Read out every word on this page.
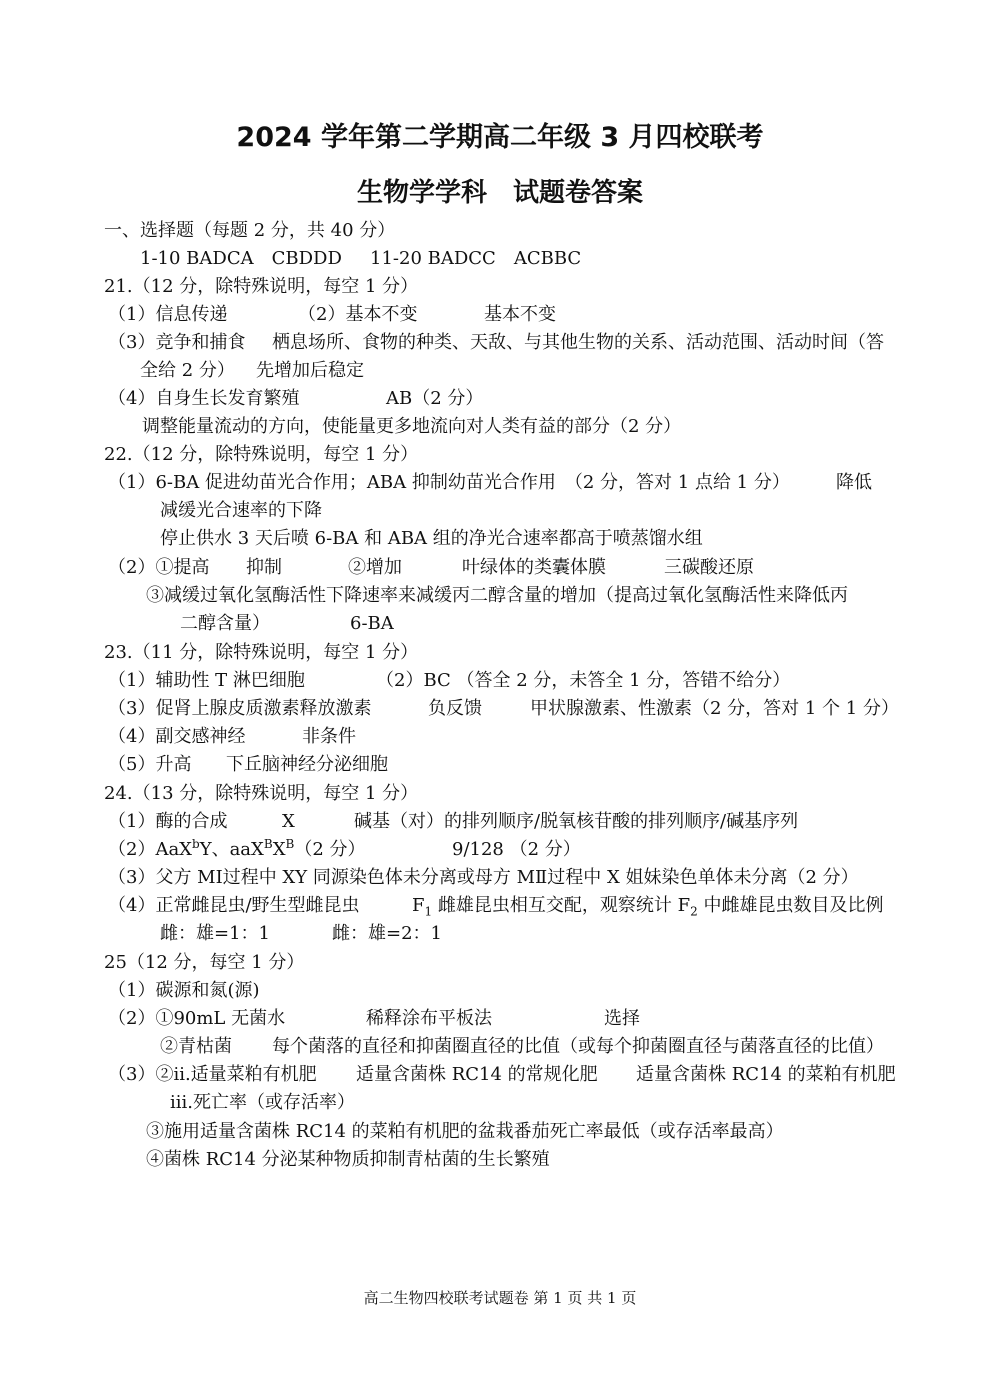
2024 学年第二学期高二年级 3 月四校联考
生物学学科 试题卷答案
一、选择题（每题 2 分，共 40 分）
1-10 BADCA　CBDDD 11-20 BADCC　ACBBC
21.（12 分，除特殊说明，每空 1 分）
（1）信息传递	（2）基本不变	基本不变
（3）竞争和捕食 栖息场所、食物的种类、天敌、与其他生物的关系、活动范围、活动时间（答
全给 2 分） 先增加后稳定
（4）自身生长发育繁殖	AB（2 分）
调整能量流动的方向，使能量更多地流向对人类有益的部分（2 分）
22.（12 分，除特殊说明，每空 1 分）
（1）6-BA 促进幼苗光合作用；ABA 抑制幼苗光合作用　（2 分，答对 1 点给 1 分）	降低
减缓光合速率的下降
停止供水 3 天后喷 6-BA 和 ABA 组的净光合速率都高于喷蒸馏水组
（2）①提高 抑制	②增加	叶绿体的类囊体膜	三碳酸还原
③减缓过氧化氢酶活性下降速率来减缓丙二醇含量的增加（提高过氧化氢酶活性来降低丙
二醇含量）	6-BA
23.（11 分，除特殊说明，每空 1 分）
（1）辅助性 T 淋巴细胞	（2）BC （答全 2 分，未答全 1 分，答错不给分）
（3）促肾上腺皮质激素释放激素	负反馈	甲状腺激素、性激素（2 分，答对 1 个 1 分）
（4）副交感神经	非条件
（5）升高 下丘脑神经分泌细胞
24.（13 分，除特殊说明，每空 1 分）
（1）酶的合成	X	碱基（对）的排列顺序/脱氧核苷酸的排列顺序/碱基序列
（2）AaX$^b$Y、$aaX^BX^B(2$ 分）	9/128 （2 分）
（3）父方 MⅠ过程中 XY 同源染色体未分离或母方 MⅡ过程中 X 姐妹染色单体未分离（2 分）
（4）正常雌昆虫/野生型雌昆虫	$F_1$ 雌雄昆虫相互交配，观察统计 $F_2$ 中雌雄昆虫数目及比例
雌：雄=1：1	雌：雄=2：1
25（12 分，每空 1 分）
（1）碳源和氮(源)
（2）①90mL 无菌水	稀释涂布平板法	选择
②青枯菌 每个菌落的直径和抑菌圈直径的比值（或每个抑菌圈直径与菌落直径的比值）
（3）②ii.适量菜粕有机肥 适量含菌株 RC14 的常规化肥 适量含菌株 RC14 的菜粕有机肥
iii.死亡率（或存活率）
③施用适量含菌株 RC14 的菜粕有机肥的盆栽番茄死亡率最低（或存活率最高）
④菌株 RC14 分泌某种物质抑制青枯菌的生长繁殖
高二生物四校联考试题卷 第 1 页 共 1 页
